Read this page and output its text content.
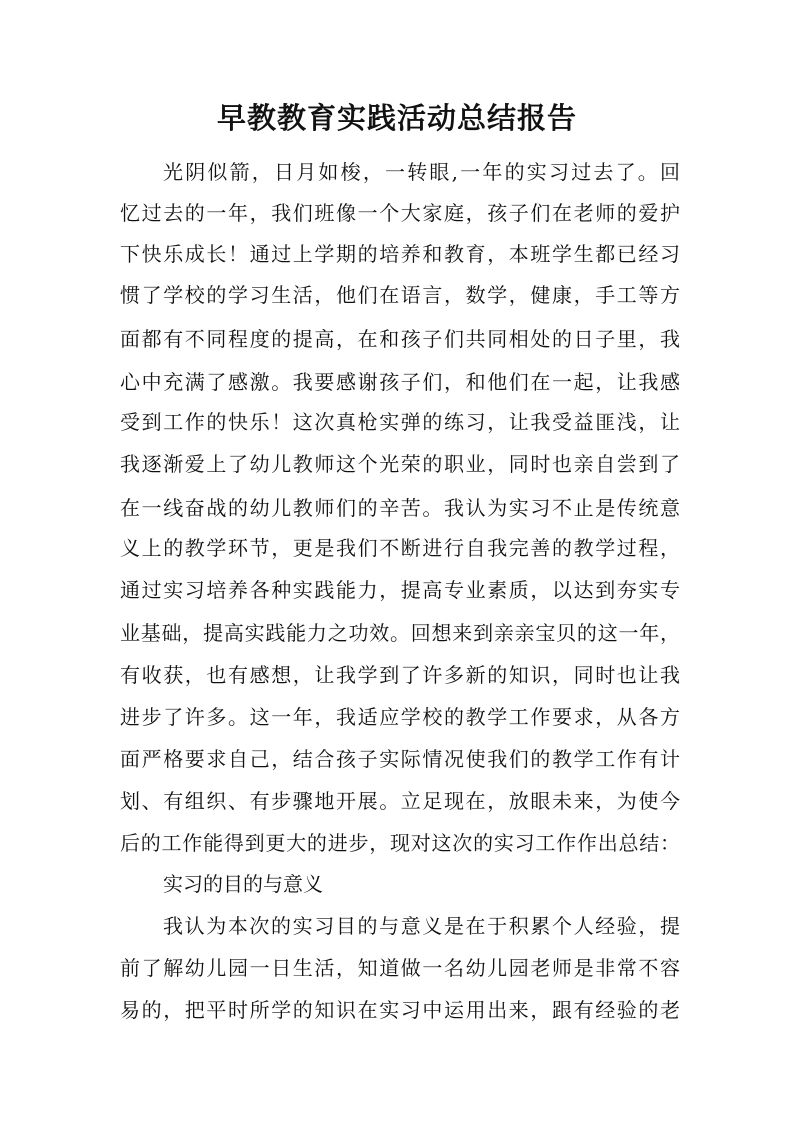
早教教育实践活动总结报告
光阴似箭，日月如梭，一转眼,一年的实习过去了。回
忆过去的一年，我们班像一个大家庭，孩子们在老师的爱护
下快乐成长！通过上学期的培养和教育，本班学生都已经习
惯了学校的学习生活，他们在语言，数学，健康，手工等方
面都有不同程度的提高，在和孩子们共同相处的日子里，我
心中充满了感激。我要感谢孩子们，和他们在一起，让我感
受到工作的快乐！这次真枪实弹的练习，让我受益匪浅，让
我逐渐爱上了幼儿教师这个光荣的职业，同时也亲自尝到了
在一线奋战的幼儿教师们的辛苦。我认为实习不止是传统意
义上的教学环节，更是我们不断进行自我完善的教学过程，
通过实习培养各种实践能力，提高专业素质，以达到夯实专
业基础，提高实践能力之功效。回想来到亲亲宝贝的这一年，
有收获，也有感想，让我学到了许多新的知识，同时也让我
进步了许多。这一年，我适应学校的教学工作要求，从各方
面严格要求自己，结合孩子实际情况使我们的教学工作有计
划、有组织、有步骤地开展。立足现在，放眼未来，为使今
后的工作能得到更大的进步，现对这次的实习工作作出总结：
实习的目的与意义
我认为本次的实习目的与意义是在于积累个人经验，提
前了解幼儿园一日生活，知道做一名幼儿园老师是非常不容
易的，把平时所学的知识在实习中运用出来，跟有经验的老
